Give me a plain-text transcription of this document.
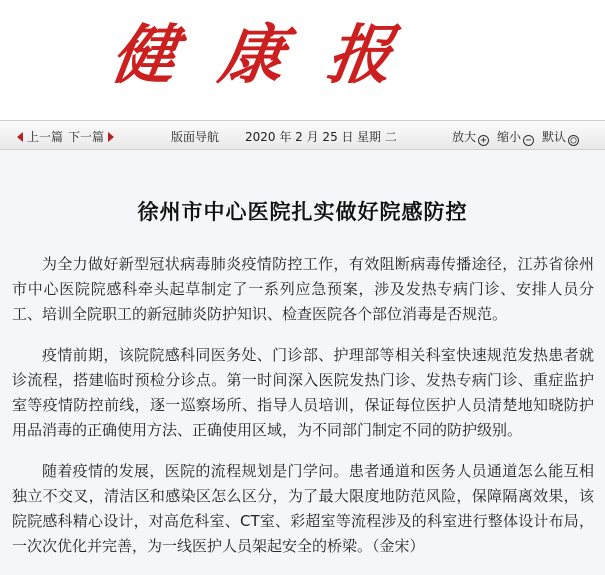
健康报
上一篇 下一篇	版面导航 2020 年 2 月 25 日 星期 二	放大 + 缩小 − 默认 ○
徐州市中心医院扎实做好院感防控

为全力做好新型冠状病毒肺炎疫情防控工作，有效阻断病毒传播途径，江苏省徐州市中心医院院感科牵头起草制定了一系列应急预案，涉及发热专病门诊、安排人员分工、培训全院职工的新冠肺炎防护知识、检查医院各个部位消毒是否规范。

疫情前期，该院院感科同医务处、门诊部、护理部等相关科室快速规范发热患者就诊流程，搭建临时预检分诊点。第一时间深入医院发热门诊、发热专病门诊、重症监护室等疫情防控前线，逐一巡察场所、指导人员培训，保证每位医护人员清楚地知晓防护用品消毒的正确使用方法、正确使用区域，为不同部门制定不同的防护级别。

随着疫情的发展，医院的流程规划是门学问。患者通道和医务人员通道怎么能互相独立不交叉，清洁区和感染区怎么区分，为了最大限度地防范风险，保障隔离效果，该院院感科精心设计，对高危科室、CT室、彩超室等流程涉及的科室进行整体设计布局，一次次优化并完善，为一线医护人员架起安全的桥梁。（金宋）
